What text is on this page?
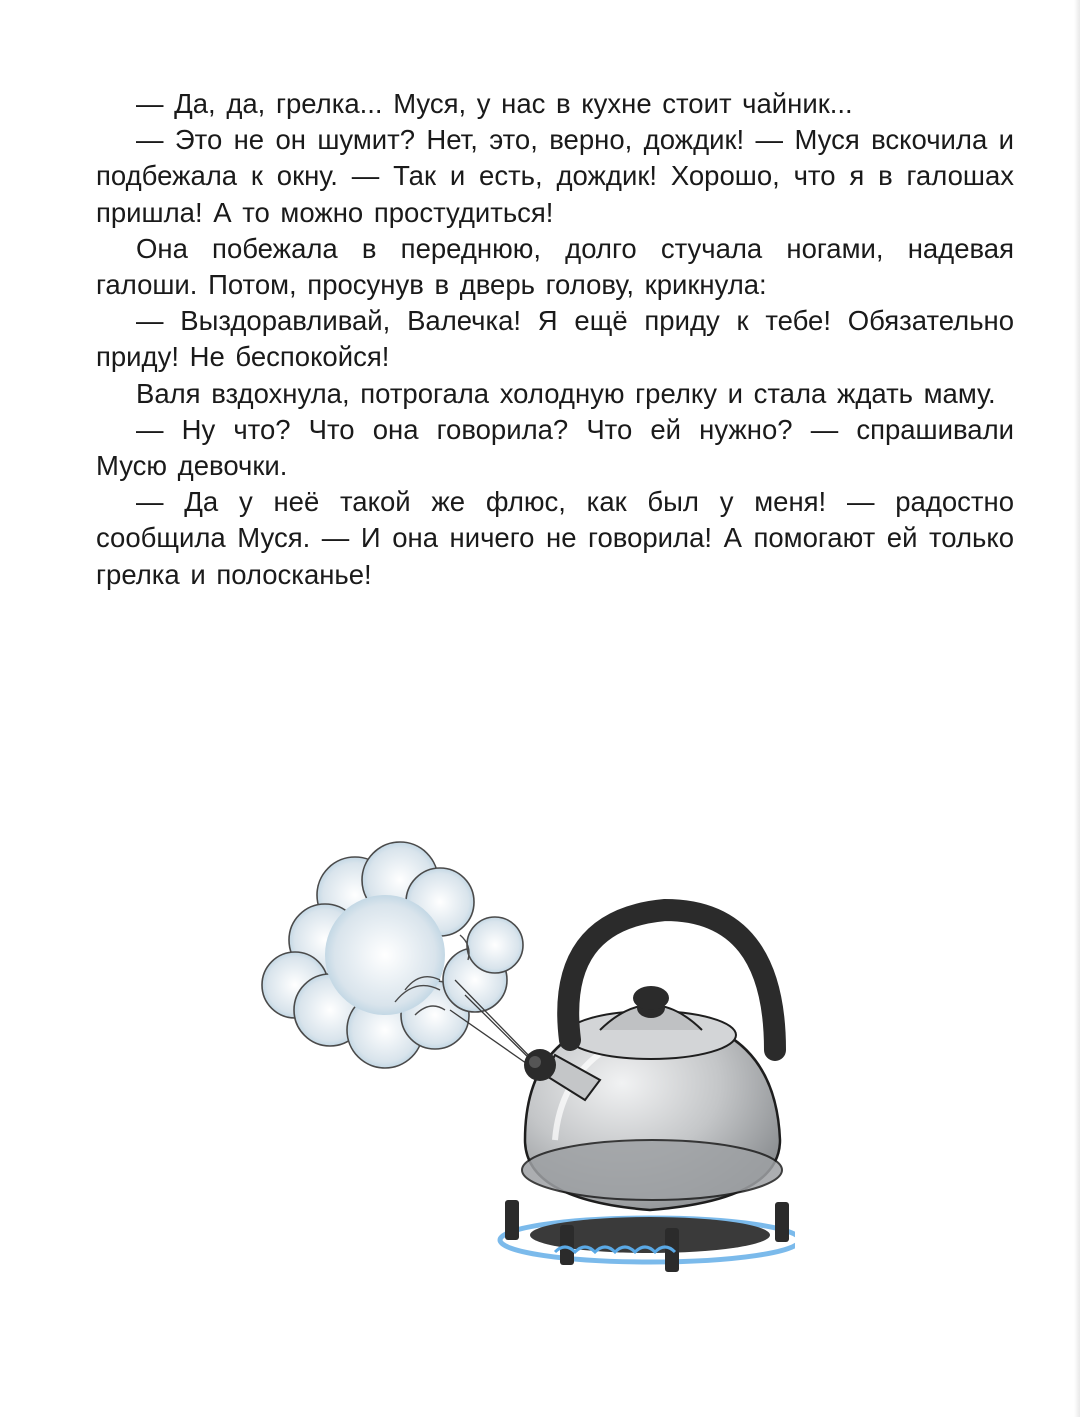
— Да, да, грелка... Муся, у нас в кухне стоит чайник...

— Это не он шумит? Нет, это, верно, дождик! — Муся вскочила и подбежала к окну. — Так и есть, дождик! Хорошо, что я в галошах пришла! А то можно простудиться!

Она побежала в переднюю, долго стучала ногами, надевая галоши. Потом, просунув в дверь голову, крикнула:

— Выздоравливай, Валечка! Я ещё приду к тебе! Обязательно приду! Не беспокойся!

Валя вздохнула, потрогала холодную грелку и стала ждать маму.

— Ну что? Что она говорила? Что ей нужно? — спрашивали Мусю девочки.

— Да у неё такой же флюс, как был у меня! — радостно сообщила Муся. — И она ничего не говорила! А помогают ей только грелка и полосканье!
